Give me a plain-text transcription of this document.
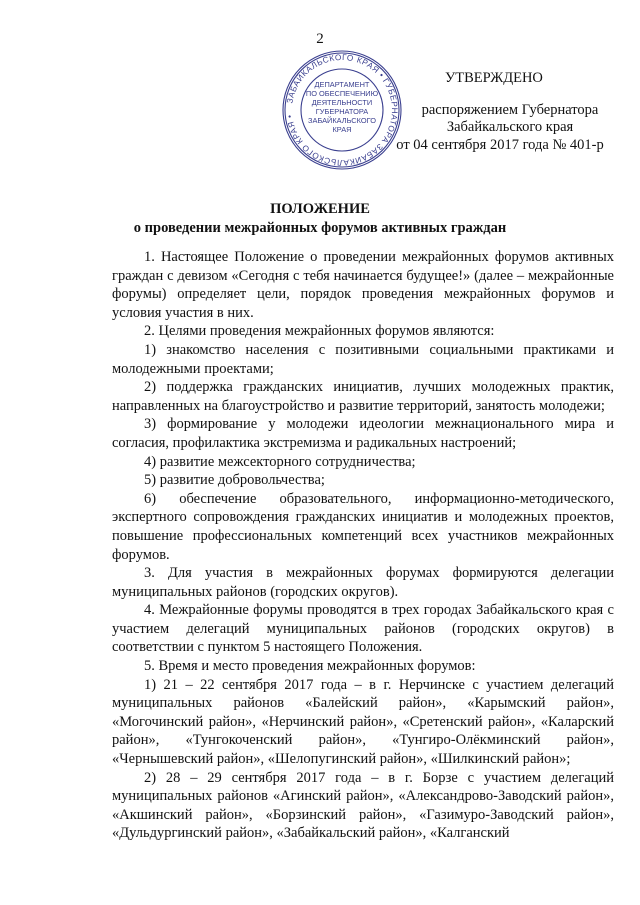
2
ЗАБАЙКАЛЬСКОГО КРАЯ • ГУБЕРНАТОРА ЗАБАЙКАЛЬСКОГО КРАЯ •
ДЕПАРТАМЕНТ
ПО ОБЕСПЕЧЕНИЮ
ДЕЯТЕЛЬНОСТИ
ГУБЕРНАТОРА
ЗАБАЙКАЛЬСКОГО
КРАЯ
УТВЕРЖДЕНО
распоряжением Губернатора
Забайкальского края
от 04 сентября 2017 года № 401-р
ПОЛОЖЕНИЕ
о проведении межрайонных форумов активных граждан

1. Настоящее Положение о проведении межрайонных форумов активных граждан с девизом «Сегодня с тебя начинается будущее!» (далее – межрайонные форумы) определяет цели, порядок проведения межрайонных форумов и условия участия в них.

2. Целями проведения межрайонных форумов являются:

1) знакомство населения с позитивными социальными практиками и молодежными проектами;

2) поддержка гражданских инициатив, лучших молодежных практик, направленных на благоустройство и развитие территорий, занятость молодежи;

3) формирование у молодежи идеологии межнационального мира и согласия, профилактика экстремизма и радикальных настроений;

4) развитие межсекторного сотрудничества;

5) развитие добровольчества;

6) обеспечение образовательного, информационно-методического, экспертного сопровождения гражданских инициатив и молодежных проектов, повышение профессиональных компетенций всех участников межрайонных форумов.

3. Для участия в межрайонных форумах формируются делегации муниципальных районов (городских округов).

4. Межрайонные форумы проводятся в трех городах Забайкальского края с участием делегаций муниципальных районов (городских округов) в соответствии с пунктом 5 настоящего Положения.

5. Время и место проведения межрайонных форумов:

1) 21 – 22 сентября 2017 года – в г. Нерчинске с участием делегаций муниципальных районов «Балейский район», «Карымский район», «Могочинский район», «Нерчинский район», «Сретенский район», «Каларский район», «Тунгокоченский район», «Тунгиро-Олёкминский район», «Чернышевский район», «Шелопугинский район», «Шилкинский район»;

2) 28 – 29 сентября 2017 года – в г. Борзе с участием делегаций муниципальных районов «Агинский район», «Александрово-Заводский район», «Акшинский район», «Борзинский район», «Газимуро-Заводский район», «Дульдургинский район», «Забайкальский район», «Калганский
